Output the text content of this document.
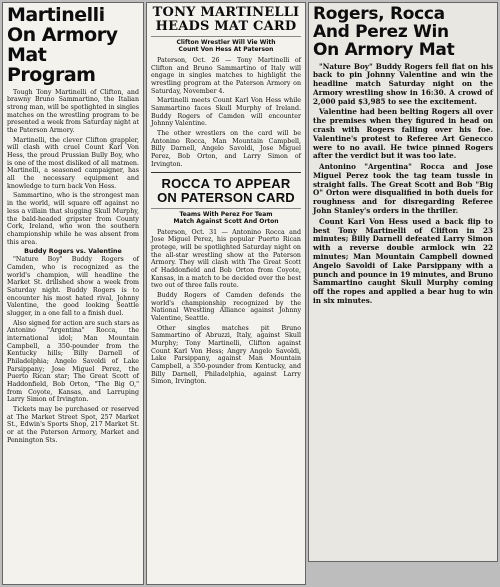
Martinelli
On Armory
Mat Program

Tough Tony Martinelli of Clifton, and brawny Bruno Sammartino, the Italian strong man, will be spotlighted in singles matches on the wrestling program to be presented a week from Saturday night at the Paterson Armory.

Martinelli, the clever Clifton grappler, will clash with cruel Count Karl Von Hess, the proud Prussian Bully Boy, who is one of the most disliked of all matmen. Martinelli, a seasoned campaigner, has all the necessary equipment and knowledge to turn back Von Hess.

Sammartino, who is the strongest man in the world, will square off against no less a villain that slugging Skull Murphy, the bald-headed gripster from County Cork, Ireland, who won the southern championship while he was absent from this area.

Buddy Rogers vs. Valentine

"Nature Boy" Buddy Rogers of Camden, who is recognized as the world's champion, will headline the Market St. drillshed show a week from Saturday night. Buddy Rogers is to encounter his most hated rival, Johnny Valentine, the good looking Seattle slugger, in a one fall to a finish duel.

Also signed for action are such stars as Antonino "Argentina" Rocca, the international idol; Man Mountain Campbell, a 350-pounder from the Kentucky hills; Billy Darnell of Philadelphia; Angelo Savoldi of Lake Parsippany; Jose Miguel Perez, the Puerto Rican star; The Great Scott of Haddonfield, Bob Orton, "The Big O," from Coyote, Kansas, and Larruping Larry Simon of Irvington.

Tickets may be purchased or reserved at The Market Street Spot, 257 Market St., Edwin's Sports Shop, 217 Market St. or at the Paterson Armory, Market and Pennington Sts.

TONY MARTINELLI
HEADS MAT CARD
Clifton Wrestler Will Vie With
Count Von Hess At Paterson

Paterson, Oct. 26 — Tony Martinelli of Clifton and Bruno Sammartino of Italy will engage in singles matches to highlight the wrestling program at the Paterson Armory on Saturday, November 4.

Martinelli meets Count Karl Von Hess while Sammartino faces Skull Murphy of Ireland. Buddy Rogers of Camden will encounter Johnny Valentine.

The other wrestlers on the card will be Antonino Rocca, Man Mountain Campbell, Billy Darnell, Angelo Savoldi, Jose Miguel Perez, Bob Orton, and Larry Simon of Irvington.

ROCCA TO APPEAR
ON PATERSON CARD
Teams With Perez For Team
Match Against Scott And Orton

Paterson, Oct. 31 — Antonino Rocca and Jose Miguel Perez, his popular Puerto Rican protege, will be spotlighted Saturday night on the all-star wrestling show at the Paterson Armory. They will clash with The Great Scott of Haddonfield and Bob Orton from Coyote, Kansas, in a match to be decided over the best two out of three falls route.

Buddy Rogers of Camden defends the world's championship recognized by the National Wrestling Alliance against Johnny Valentine, Seattle.

Other singles matches pit Bruno Sammartino of Abruzzi, Italy, against Skull Murphy; Tony Martinelli, Clifton against Count Karl Von Hess; Angry Angelo Savoldi, Lake Parsippany, against Man Mountain Campbell, a 350-pounder from Kentucky, and Billy Darnell, Philadelphia, against Larry Simon, Irvington.

Rogers, Rocca
And Perez Win
On Armory Mat

"Nature Boy" Buddy Rogers fell flat on his back to pin Johnny Valentine and win the headline match Saturday night on the Armory wrestling show in 16:30. A crowd of 2,000 paid $3,985 to see the excitement.

Valentine had been belting Rogers all over the premises when they figured in head on crash with Rogers falling over his foe. Valentine's protest to Referee Art Genecco were to no avail. He twice pinned Rogers after the verdict but it was too late.

Antonino "Argentina" Rocca and Jose Miguel Perez took the tag team tussle in straight falls. The Great Scott and Bob "Big O" Orton were disqualified in both duels for roughness and for disregarding Referee John Stanley's orders in the thriller.

Count Karl Von Hess used a back flip to best Tony Martinelli of Clifton in 23 minutes; Billy Darnell defeated Larry Simon with a reverse double armlock win 22 minutes; Man Mountain Campbell downed Angelo Savoldi of Lake Parsippany with a punch and pounce in 19 minutes, and Bruno Sammartino caught Skull Murphy coming off the ropes and applied a bear hug to win in six minutes.
